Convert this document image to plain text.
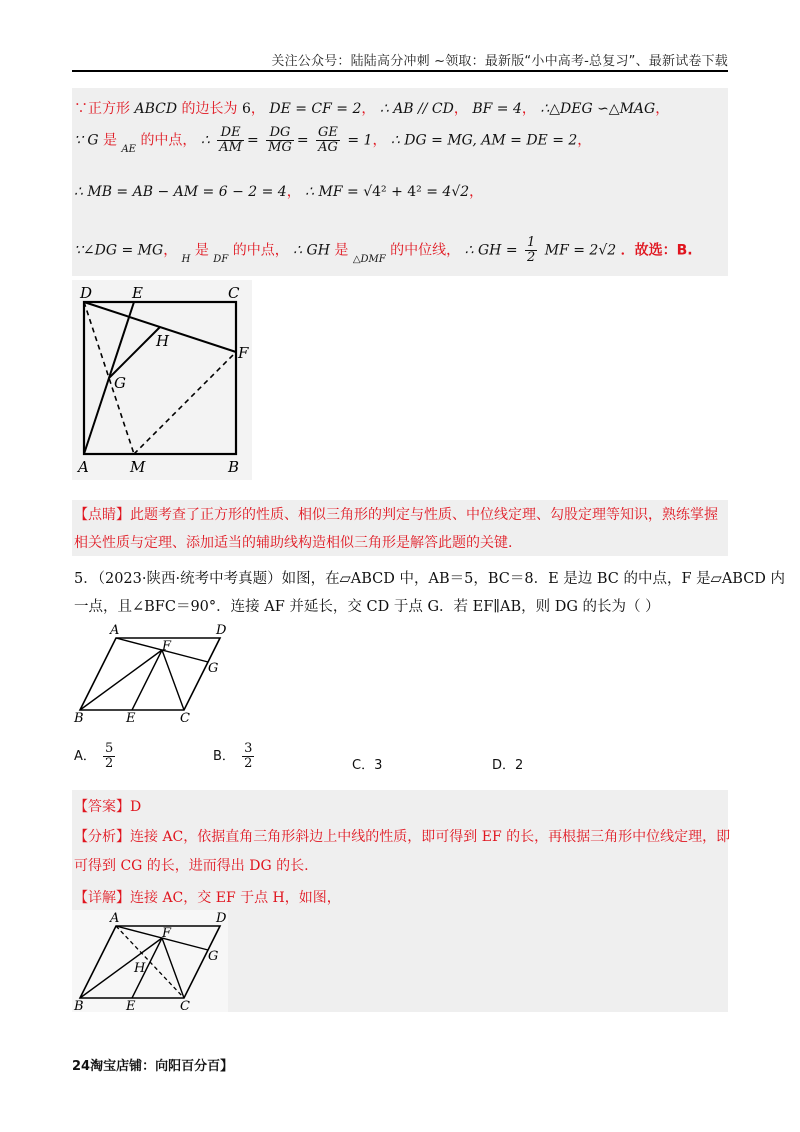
关注公众号：陆陆高分冲刺 ~领取：最新版“小中高考-总复习”、最新试卷下载
∵正方形 ABCD 的边长为 6， DE = CF = 2， ∴ AB // CD， BF = 4， ∴△DEG ∽△MAG，
∵ G 是 $_{AE}$ 的中点， ∴ $\frac{DE}{AM} = \frac{DG}{MG} = \frac{GE}{AG} = 1$， ∴ DG = MG, AM = DE = 2，
∴ MB = AB − AM = 6 − 2 = 4， ∴ MF = √4² + 4² = 4√2，
∵∠DG = MG， $_H$ 是 $_{DF}$ 的中点， ∴ GH 是 $_{\triangle DMF}$ 的中位线， ∴ GH = $\frac{1}{2}$ MF = 2√2 ．故选：B.
D	E	C
H
F
G
A	M	B
【点睛】此题考查了正方形的性质、相似三角形的判定与性质、中位线定理、勾股定理等知识，熟练掌握
相关性质与定理、添加适当的辅助线构造相似三角形是解答此题的关键.
5．（2023·陕西·统考中考真题）如图，在▱ABCD 中，AB＝5，BC＝8．E 是边 BC 的中点，F 是▱ABCD 内
一点，且∠BFC＝90°．连接 AF 并延长，交 CD 于点 G．若 EF∥AB，则 DG 的长为（ ）
A	D
F
G
B	E	C
A． $\frac{5}{2}$	B． $\frac{3}{2}$	C．3	D．2
【答案】D
【分析】连接 AC，依据直角三角形斜边上中线的性质，即可得到 EF 的长，再根据三角形中位线定理，即
可得到 CG 的长，进而得出 DG 的长.
【详解】连接 AC，交 EF 于点 H，如图，
A	D
F
G
H
B	E	C
24淘宝店铺：向阳百分百】
